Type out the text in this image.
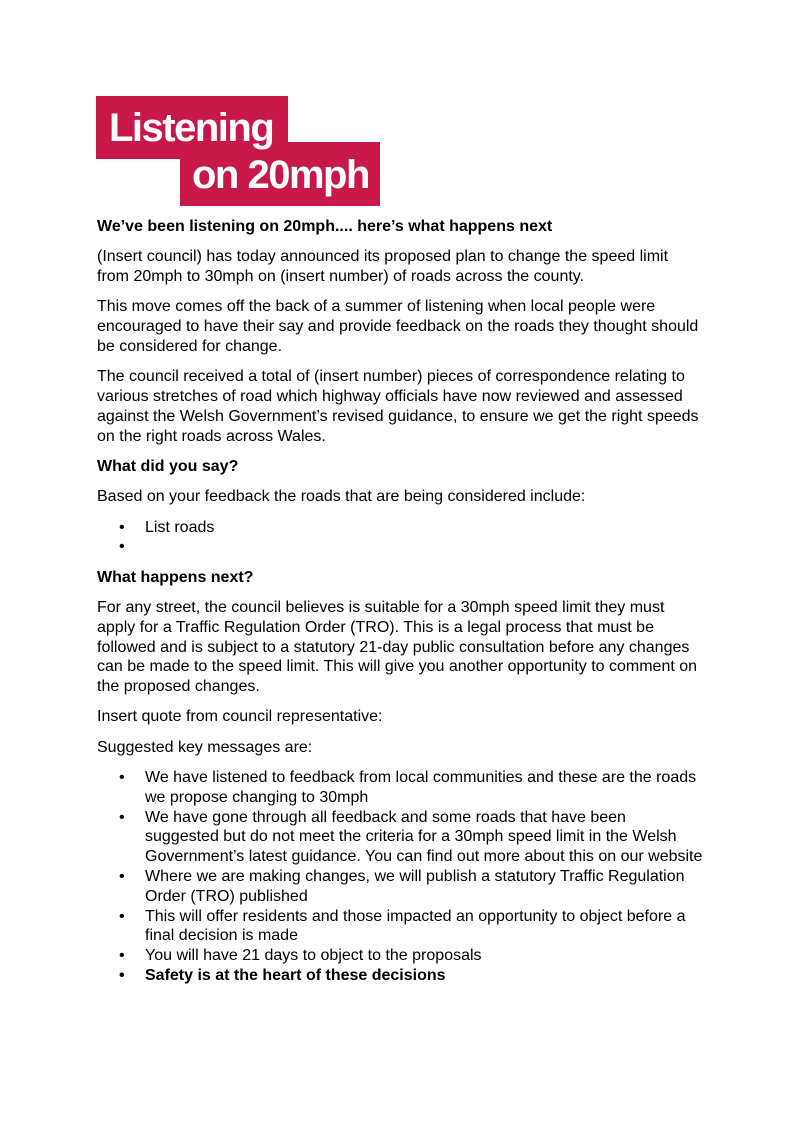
Listening
on 20mph

We’ve been listening on 20mph.... here’s what happens next

(Insert council) has today announced its proposed plan to change the speed limit from 20mph to 30mph on (insert number) of roads across the county.

This move comes off the back of a summer of listening when local people were encouraged to have their say and provide feedback on the roads they thought should be considered for change.

The council received a total of (insert number) pieces of correspondence relating to various stretches of road which highway officials have now reviewed and assessed against the Welsh Government’s revised guidance, to ensure we get the right speeds on the right roads across Wales.

What did you say?

Based on your feedback the roads that are being considered include:

• List roads
•

What happens next?

For any street, the council believes is suitable for a 30mph speed limit they must apply for a Traffic Regulation Order (TRO). This is a legal process that must be followed and is subject to a statutory 21-day public consultation before any changes can be made to the speed limit. This will give you another opportunity to comment on the proposed changes.

Insert quote from council representative:

Suggested key messages are:

• We have listened to feedback from local communities and these are the roads we propose changing to 30mph
• We have gone through all feedback and some roads that have been suggested but do not meet the criteria for a 30mph speed limit in the Welsh Government’s latest guidance. You can find out more about this on our website
• Where we are making changes, we will publish a statutory Traffic Regulation Order (TRO) published
• This will offer residents and those impacted an opportunity to object before a final decision is made
• You will have 21 days to object to the proposals
• Safety is at the heart of these decisions
